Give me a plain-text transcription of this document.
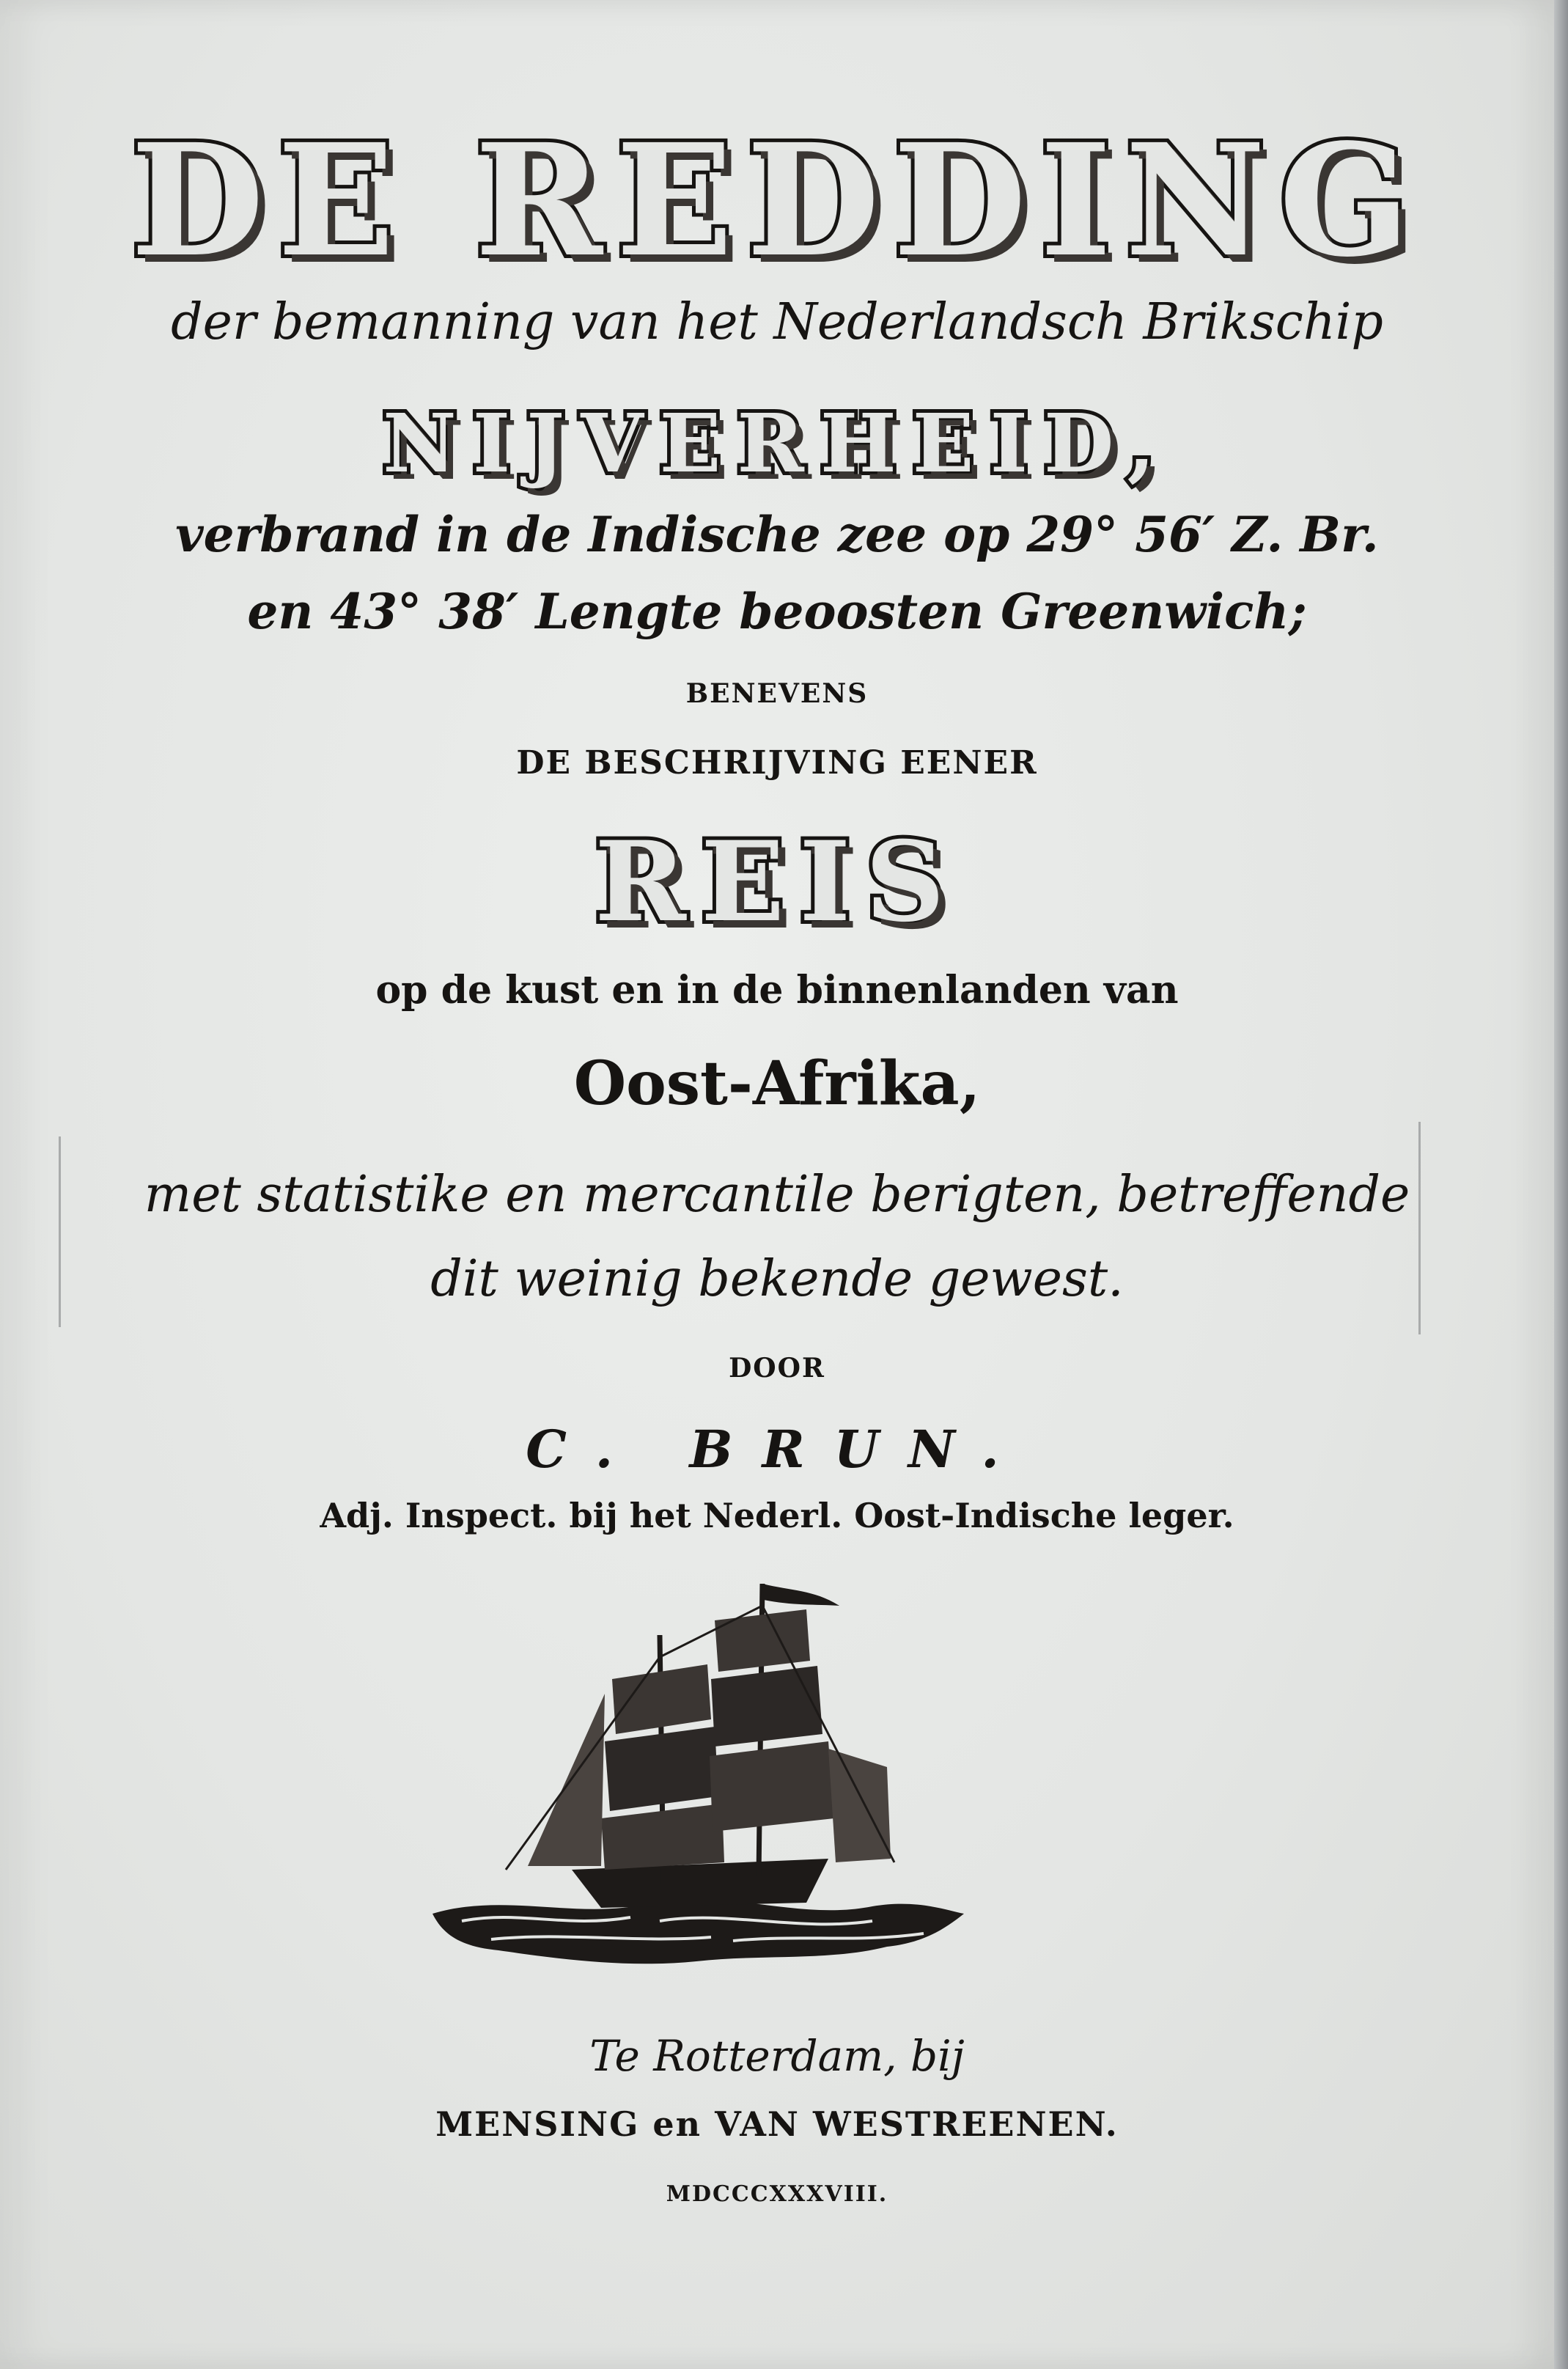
DE REDDING
der bemanning van het Nederlandsch Brikschip
NIJVERHEID,
verbrand in de Indische zee op 29° 56′ Z. Br.
en 43° 38′ Lengte beoosten Greenwich;
BENEVENS
DE BESCHRIJVING EENER
REIS
op de kust en in de binnenlanden van
Oost-Afrika,
met statistike en mercantile berigten, betreffende
dit weinig bekende gewest.
DOOR
C. BRUN.
Adj. Inspect. bij het Nederl. Oost-Indische leger.
Te Rotterdam, bij
MENSING en VAN WESTREENEN.
MDCCCXXXVIII.
